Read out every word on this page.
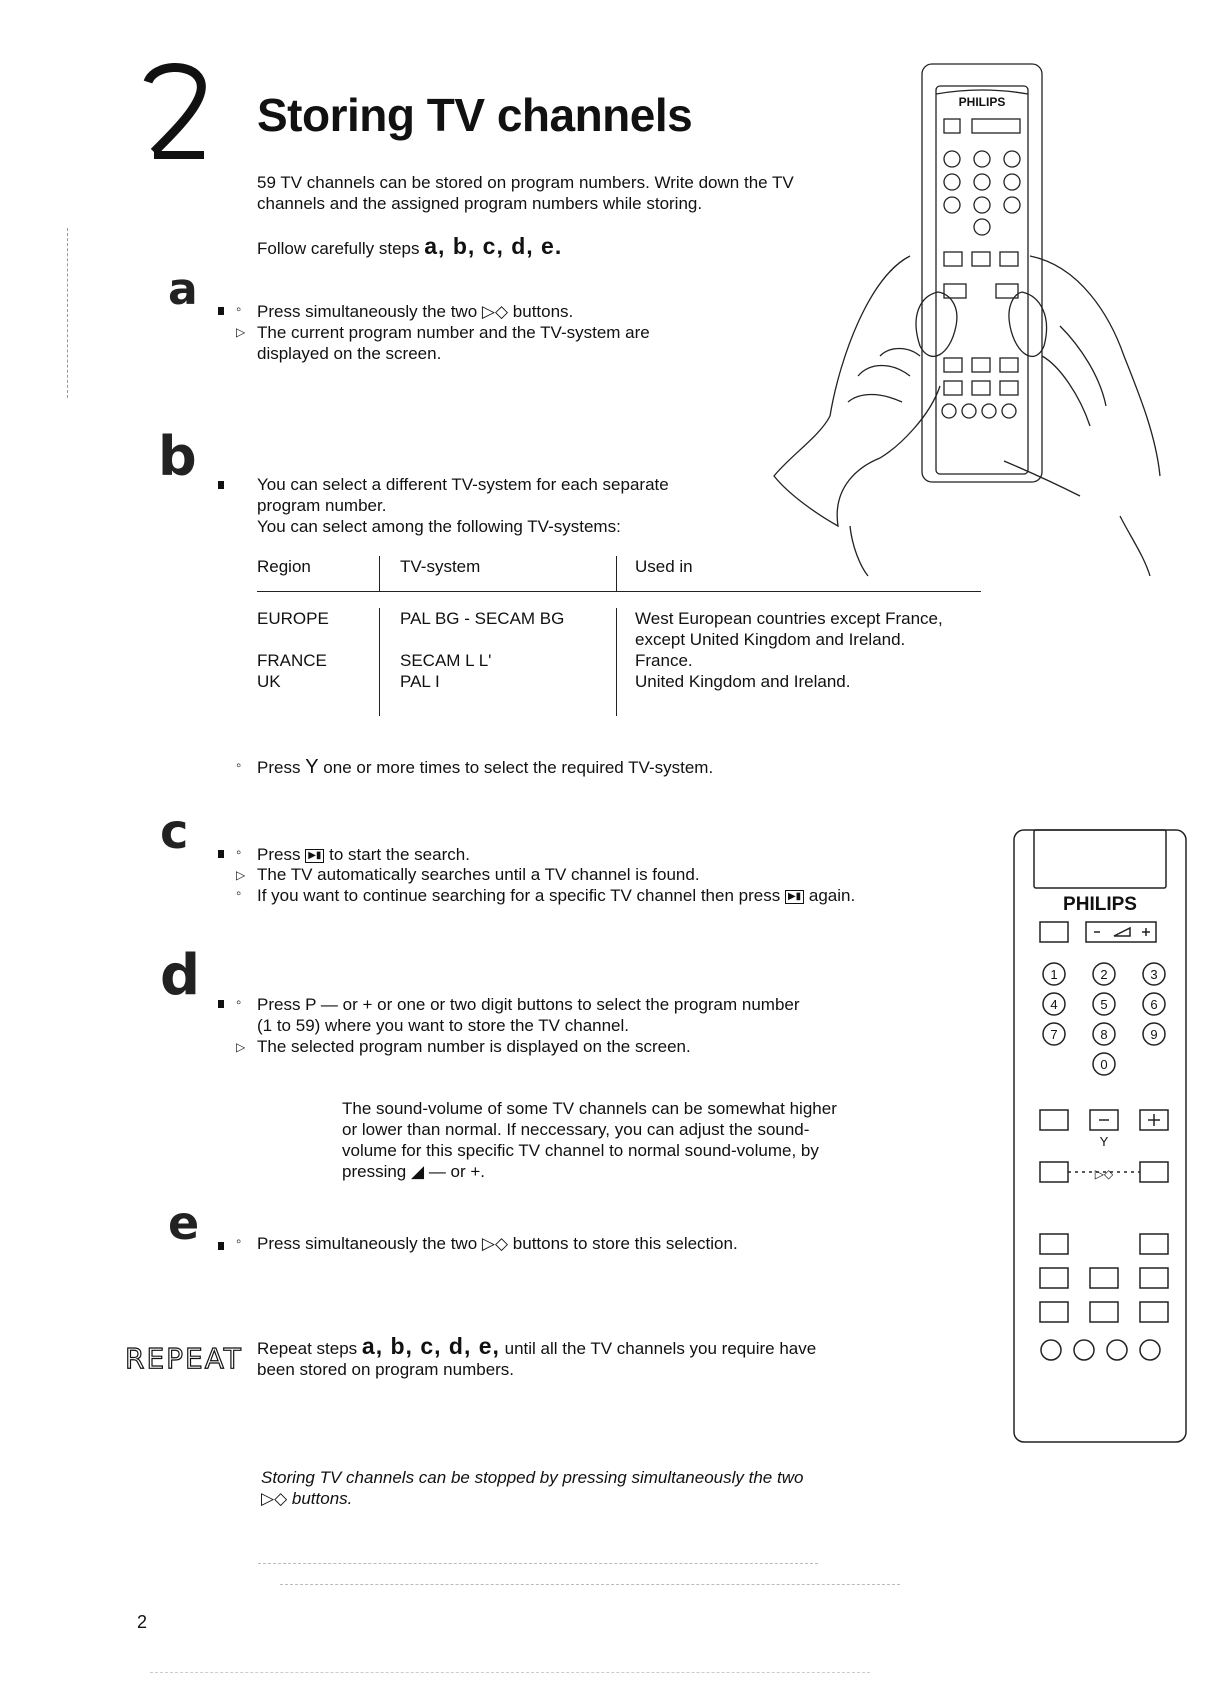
Storing TV channels
59 TV channels can be stored on program numbers. Write down the TV
channels and the assigned program numbers while storing.
Follow carefully steps a, b, c, d, e.
a	◦ Press simultaneously the two ▷◇ buttons.
▷ The current program number and the TV-system are
displayed on the screen.
b	You can select a different TV-system for each separate
program number.
You can select among the following TV-systems:
Region	TV-system	Used in

EUROPE	PAL BG - SECAM BG	West European countries except France,
except United Kingdom and Ireland.

FRANCE	SECAM L L'	France.
UK	PAL I	United Kingdom and Ireland.
◦ Press Υ one or more times to select the required TV-system.
c	◦ Press ▶▮ to start the search.
▷ The TV automatically searches until a TV channel is found.
◦ If you want to continue searching for a specific TV channel then press ▶▮ again.
d ◦ Press P — or + or one or two digit buttons to select the program number
(1 to 59) where you want to store the TV channel.
▷ The selected program number is displayed on the screen.
The sound-volume of some TV channels can be somewhat higher
or lower than normal. If neccessary, you can adjust the sound-
volume for this specific TV channel to normal sound-volume, by
pressing ◢ — or +.
e ◦ Press simultaneously the two ▷◇ buttons to store this selection.
REPEAT Repeat steps a, b, c, d, e, until all the TV channels you require have
been stored on program numbers.
Storing TV channels can be stopped by pressing simultaneously the two
▷◇ buttons.
2
PHILIPS
PHILIPS
1	2	3
4	5	6
7	8	9
0
Υ
▷◇
